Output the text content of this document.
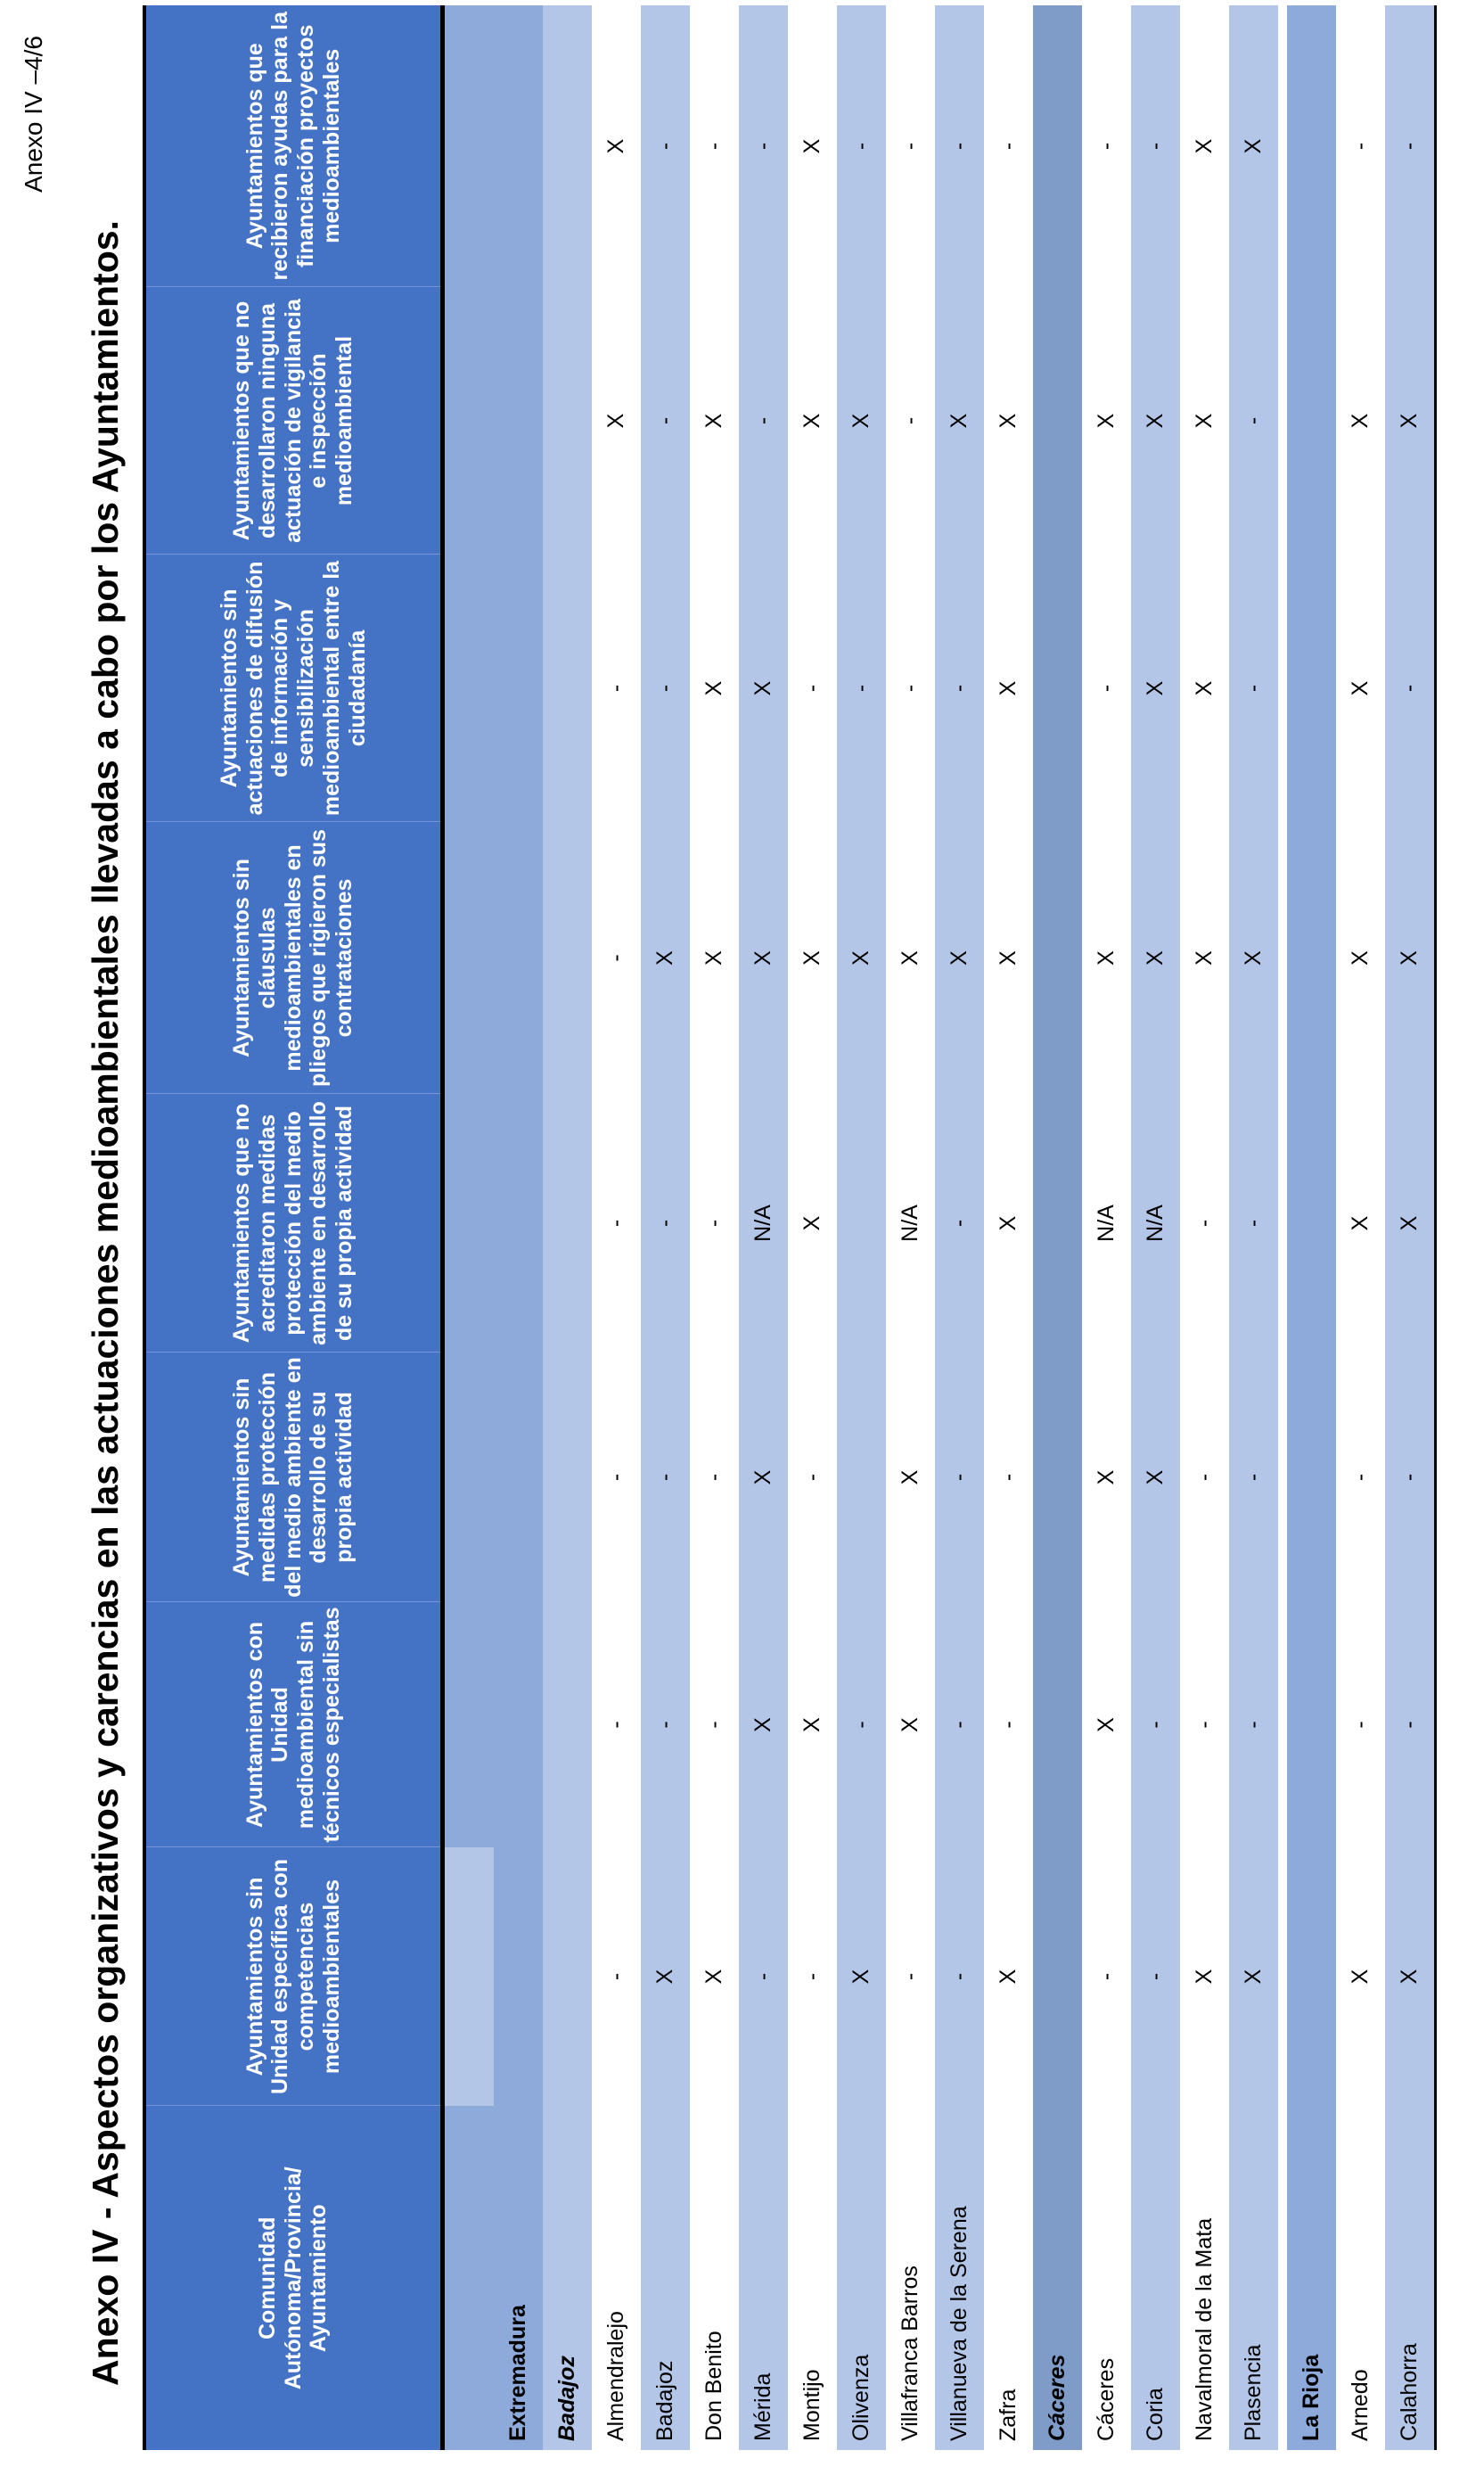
Anexo IV –4/6
Anexo IV - Aspectos organizativos y carencias en las actuaciones medioambientales llevadas a cabo por los Ayuntamientos.	Comunidad Autónoma/Provincia/ Ayuntamiento	Ayuntamientos sin Unidad específica con competencias medioambientales	Ayuntamientos con Unidad medioambiental sin técnicos especialistas	Ayuntamientos sin medidas protección del medio ambiente en desarrollo de su propia actividad	Ayuntamientos que no acreditaron medidas protección del medio ambiente en desarrollo de su propia actividad	Ayuntamientos sin cláusulas medioambientales en pliegos que rigieron sus contrataciones	Ayuntamientos sin actuaciones de difusión de información y sensibilización medioambiental entre la ciudadanía	Ayuntamientos que no desarrollaron ninguna actuación de vigilancia e inspección medioambiental	Ayuntamientos que recibieron ayudas para la financiación proyectos medioambientales

Extremadura								
Badajoz								
Almendralejo	-	-	-	-	-	-	X	X
Badajoz	X	-	-	-	X	-	-	-
Don Benito	X	-	-	-	X	X	X	-
Mérida	-	X	X	N/A	X	X	-	-
Montijo	-	X	-	X	X	-	X	X
Olivenza	X	-			X	-	X	-
Villafranca Barros	-	X	X	N/A	X	-	-	-
Villanueva de la Serena	-	-	-	-	X	-	X	-
Zafra	X	-	-	X	X	X	X	-
Cáceres								
Cáceres	-	X	X	N/A	X	-	X	-
Coria	-	-	X	N/A	X	X	X	-
Navalmoral de la Mata	X	-	-	-	X	X	X	X
Plasencia	X	-	-	-	X	-	-	X
La Rioja								
Arnedo	X	-	-	X	X	X	X	-
Calahorra	X	-	-	X	X	-	X	-
